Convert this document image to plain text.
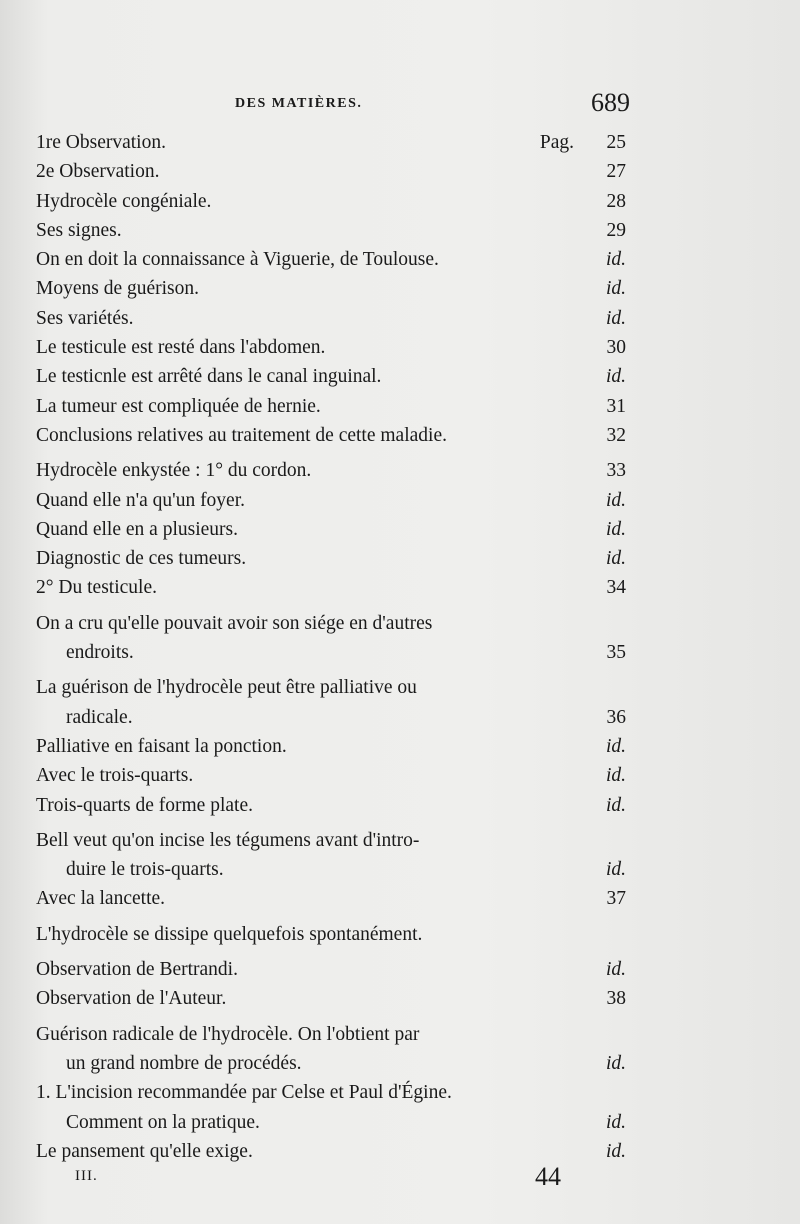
DES MATIÈRES.	689
1re Observation.	Pag.	25
2e Observation.	27
Hydrocèle congéniale.	28
Ses signes.	29
On en doit la connaissance à Viguerie, de Toulouse.	id.
Moyens de guérison.	id.
Ses variétés.	id.
Le testicule est resté dans l'abdomen.	30
Le testicnle est arrêté dans le canal inguinal.	id.
La tumeur est compliquée de hernie.	31
Conclusions relatives au traitement de cette maladie.	32
Hydrocèle enkystée : 1° du cordon.	33
Quand elle n'a qu'un foyer.	id.
Quand elle en a plusieurs.	id.
Diagnostic de ces tumeurs.	id.
2° Du testicule.	34
On a cru qu'elle pouvait avoir son siége en d'autres
endroits.	35
La guérison de l'hydrocèle peut être palliative ou
radicale.	36
Palliative en faisant la ponction.	id.
Avec le trois-quarts.	id.
Trois-quarts de forme plate.	id.
Bell veut qu'on incise les tégumens avant d'intro-
duire le trois-quarts.	id.
Avec la lancette.	37
L'hydrocèle se dissipe quelquefois spontanément.
Observation de Bertrandi.	id.
Observation de l'Auteur.	38
Guérison radicale de l'hydrocèle. On l'obtient par
un grand nombre de procédés.	id.
1. L'incision recommandée par Celse et Paul d'Égine.
Comment on la pratique.	id.
Le pansement qu'elle exige.	id.
III.	44
